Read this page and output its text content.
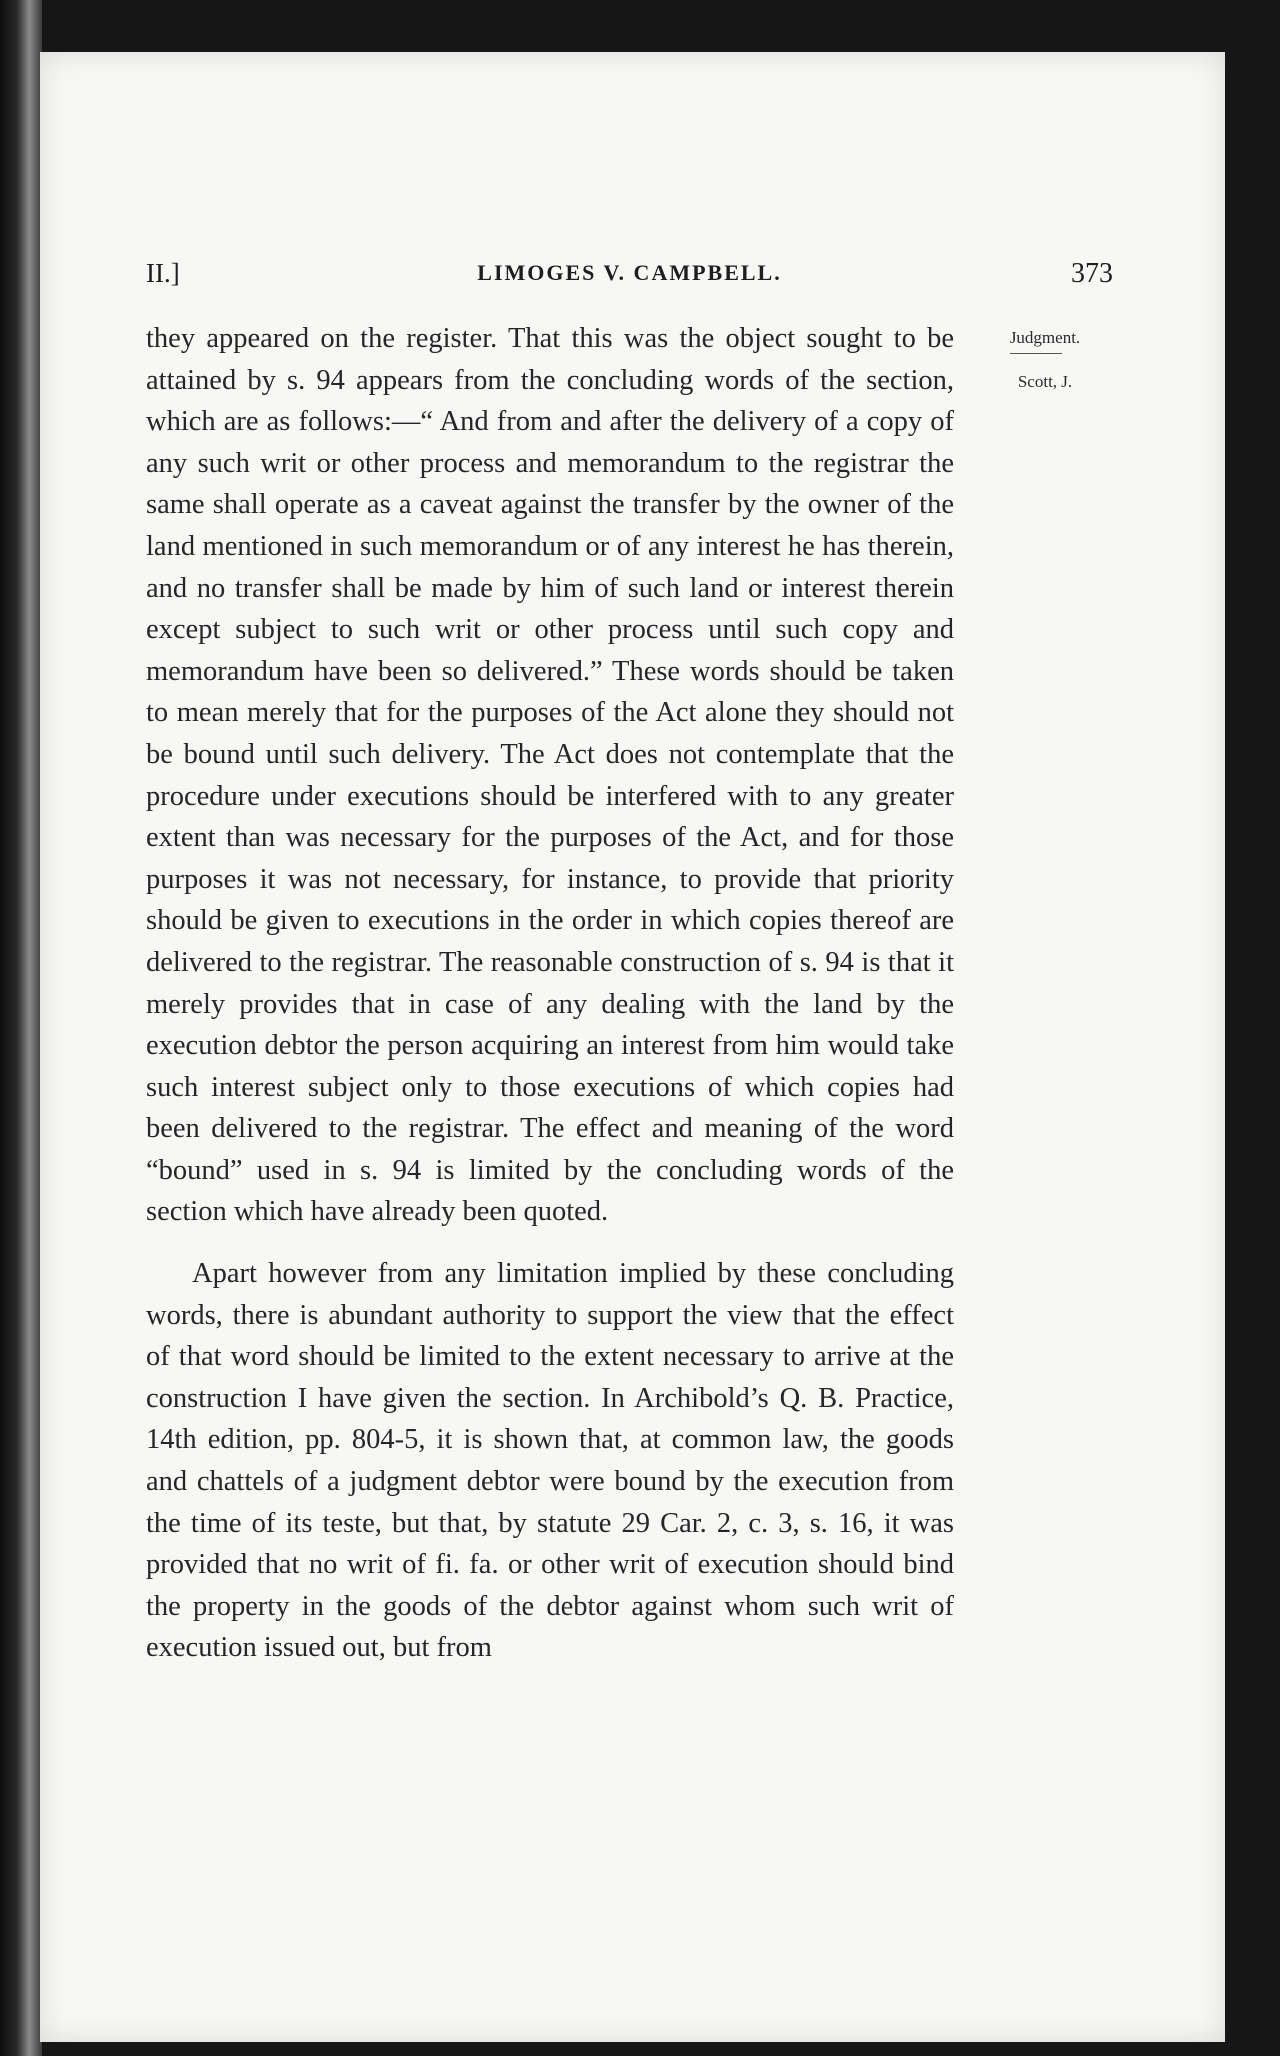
II.]	LIMOGES V. CAMPBELL.	373
Judgment.
Scott, J.

they appeared on the register. That this was the object sought to be attained by s. 94 appears from the concluding words of the section, which are as follows:—“ And from and after the delivery of a copy of any such writ or other process and memorandum to the registrar the same shall operate as a caveat against the transfer by the owner of the land mentioned in such memorandum or of any interest he has therein, and no transfer shall be made by him of such land or interest therein except subject to such writ or other process until such copy and memorandum have been so delivered.” These words should be taken to mean merely that for the purposes of the Act alone they should not be bound until such delivery. The Act does not contemplate that the procedure under executions should be interfered with to any greater extent than was necessary for the purposes of the Act, and for those purposes it was not necessary, for instance, to provide that priority should be given to executions in the order in which copies thereof are delivered to the registrar. The reasonable construction of s. 94 is that it merely provides that in case of any dealing with the land by the execution debtor the person acquiring an interest from him would take such interest subject only to those executions of which copies had been delivered to the registrar. The effect and meaning of the word “bound” used in s. 94 is limited by the concluding words of the section which have already been quoted.

Apart however from any limitation implied by these concluding words, there is abundant authority to support the view that the effect of that word should be limited to the extent necessary to arrive at the construction I have given the section. In Archibold’s Q. B. Practice, 14th edition, pp. 804-5, it is shown that, at common law, the goods and chattels of a judgment debtor were bound by the execution from the time of its teste, but that, by statute 29 Car. 2, c. 3, s. 16, it was provided that no writ of fi. fa. or other writ of execution should bind the property in the goods of the debtor against whom such writ of execution issued out, but from
